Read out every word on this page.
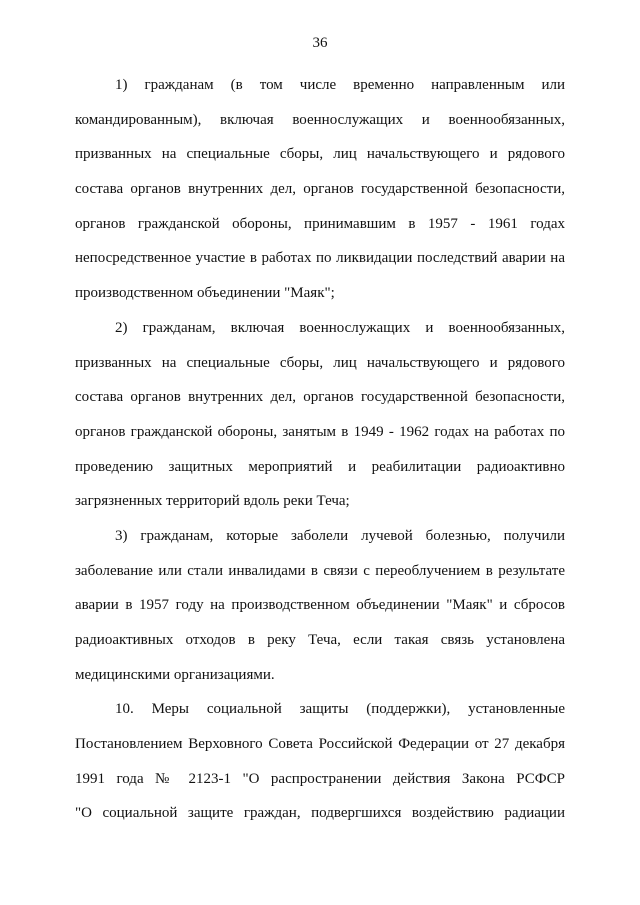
36
1) гражданам (в том числе временно направленным или
командированным), включая военнослужащих и военнообязанных,
призванных на специальные сборы, лиц начальствующего и рядового
состава органов внутренних дел, органов государственной безопасности,
органов гражданской обороны, принимавшим в 1957 - 1961 годах
непосредственное участие в работах по ликвидации последствий аварии на
производственном объединении "Маяк";
2) гражданам, включая военнослужащих и военнообязанных,
призванных на специальные сборы, лиц начальствующего и рядового
состава органов внутренних дел, органов государственной безопасности,
органов гражданской обороны, занятым в 1949 - 1962 годах на работах по
проведению защитных мероприятий и реабилитации радиоактивно
загрязненных территорий вдоль реки Теча;
3) гражданам, которые заболели лучевой болезнью, получили
заболевание или стали инвалидами в связи с переоблучением в результате
аварии в 1957 году на производственном объединении "Маяк" и сбросов
радиоактивных отходов в реку Теча, если такая связь установлена
медицинскими организациями.
10. Меры социальной защиты (поддержки), установленные
Постановлением Верховного Совета Российской Федерации от 27 декабря
1991 года № 2123-1 "О распространении действия Закона РСФСР
"О социальной защите граждан, подвергшихся воздействию радиации
